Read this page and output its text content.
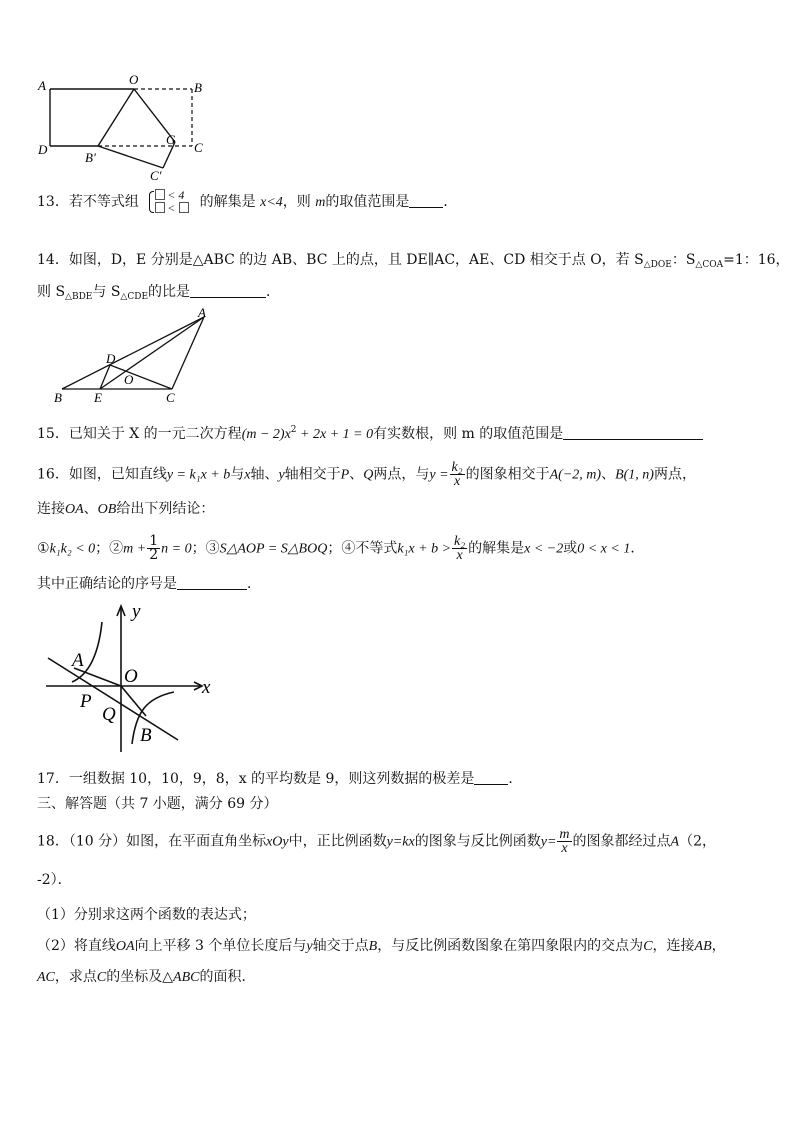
A	O
B
D
B'
G
C
C'
13．若不等式组	< 4
<	的解集是 x<4，则 m的取值范围是 ．
14．如图，D，E 分别是△ABC 的边 AB、BC 上的点，且 DE∥AC，AE、CD 相交于点 O，若 $S_{\triangle DOE}$：$S_{\triangle COA}=1$：16，
则 $S_{\triangle BDE}$与 $S_{\triangle CDE}$的比是	．
A
D
O
B E	C
15．已知关于 X 的一元二次方程$(m - 2)x^2 + 2x + 1 = 0$有实数根，则 m 的取值范围是
16．如图，已知直线y = k₁x + b与x轴、y轴相交于P、Q两点，与$y = \frac{\text{k₂}}{x}$ 的图象相交于A(−2, m)、B(1, n)两点，
连接OA、OB给出下列结论：
①k₁k₂ < 0；②m + $\frac{1}{2}$ n = 0；③S△AOP = S△BOQ；④不等式$k_1x + b > \frac{\text{k₂}}{x}$ 的解集是x < −2或0 < x < 1．
其中正确结论的序号是	．
y
A
O
x
P
Q
B
17．一组数据 10，10，9，8，x 的平均数是 9，则这列数据的极差是 ．
三、解答题（共 7 小题，满分 69 分）
18．（10 分）如图，在平面直角坐标xOy中，正比例函数y=kx的图象与反比例函数$y= \frac{m}{x}$ 的图象都经过点A（2，
-2）．
（1）分别求这两个函数的表达式；
（2）将直线OA向上平移 3 个单位长度后与y轴交于点B，与反比例函数图象在第四象限内的交点为C，连接AB，
AC，求点C的坐标及△ABC的面积．
